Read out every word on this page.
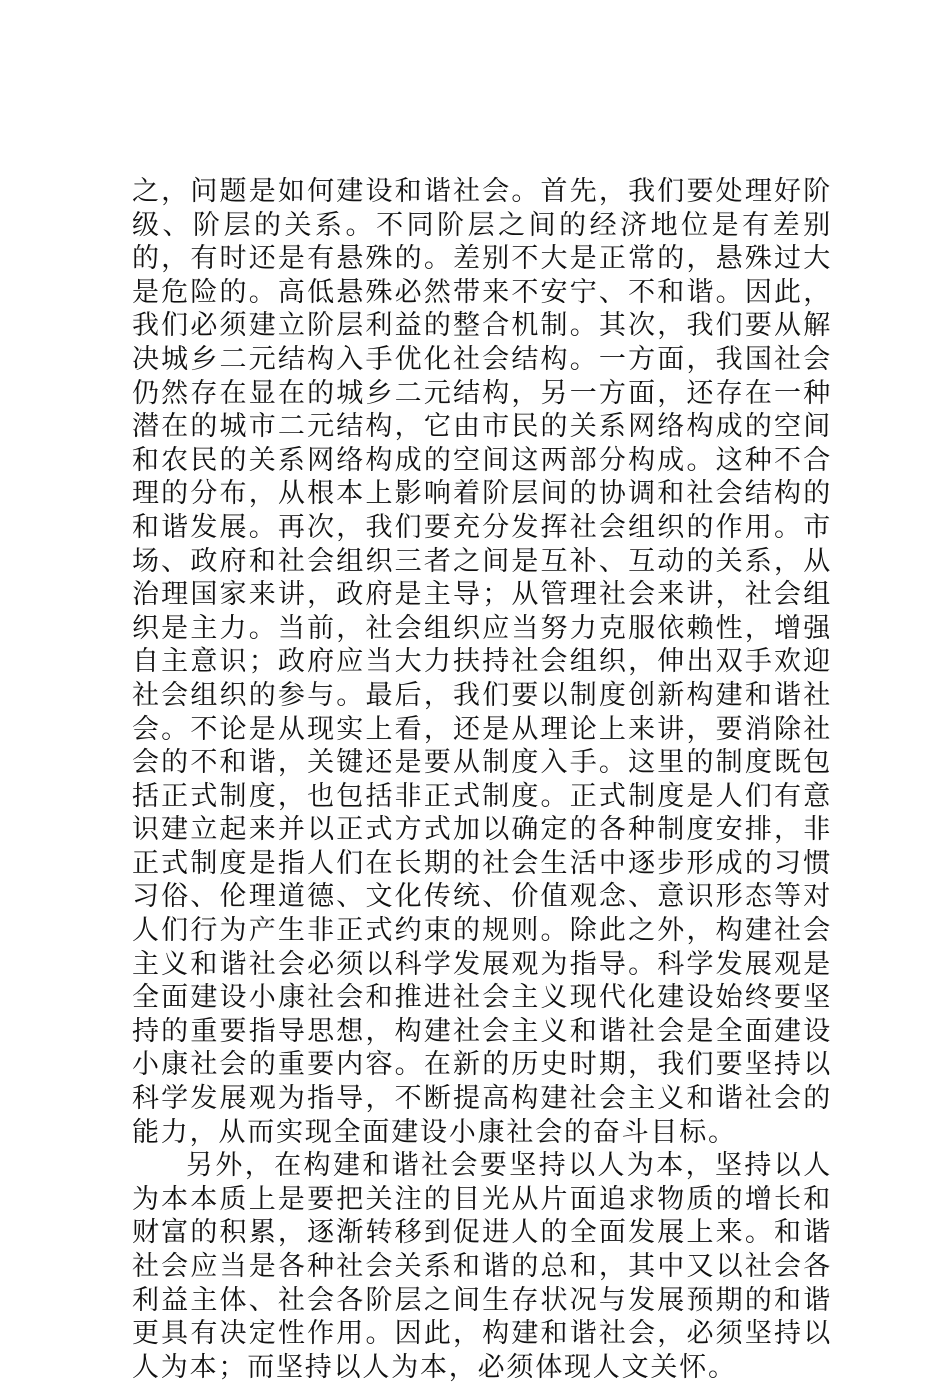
之，问题是如何建设和谐社会。首先，我们要处理好阶级、阶层的关系。不同阶层之间的经济地位是有差别的，有时还是有悬殊的。差别不大是正常的，悬殊过大是危险的。高低悬殊必然带来不安宁、不和谐。因此，我们必须建立阶层利益的整合机制。其次，我们要从解决城乡二元结构入手优化社会结构。一方面，我国社会仍然存在显在的城乡二元结构，另一方面，还存在一种潜在的城市二元结构，它由市民的关系网络构成的空间和农民的关系网络构成的空间这两部分构成。这种不合理的分布，从根本上影响着阶层间的协调和社会结构的和谐发展。再次，我们要充分发挥社会组织的作用。市场、政府和社会组织三者之间是互补、互动的关系，从治理国家来讲，政府是主导；从管理社会来讲，社会组织是主力。当前，社会组织应当努力克服依赖性，增强自主意识；政府应当大力扶持社会组织，伸出双手欢迎社会组织的参与。最后，我们要以制度创新构建和谐社会。不论是从现实上看，还是从理论上来讲，要消除社会的不和谐，关键还是要从制度入手。这里的制度既包括正式制度，也包括非正式制度。正式制度是人们有意识建立起来并以正式方式加以确定的各种制度安排，非正式制度是指人们在长期的社会生活中逐步形成的习惯习俗、伦理道德、文化传统、价值观念、意识形态等对人们行为产生非正式约束的规则。除此之外，构建社会主义和谐社会必须以科学发展观为指导。科学发展观是全面建设小康社会和推进社会主义现代化建设始终要坚持的重要指导思想，构建社会主义和谐社会是全面建设小康社会的重要内容。在新的历史时期，我们要坚持以科学发展观为指导，不断提高构建社会主义和谐社会的能力，从而实现全面建设小康社会的奋斗目标。

另外，在构建和谐社会要坚持以人为本，坚持以人为本本质上是要把关注的目光从片面追求物质的增长和财富的积累，逐渐转移到促进人的全面发展上来。和谐社会应当是各种社会关系和谐的总和，其中又以社会各利益主体、社会各阶层之间生存状况与发展预期的和谐更具有决定性作用。因此，构建和谐社会，必须坚持以人为本；而坚持以人为本，必须体现人文关怀。
